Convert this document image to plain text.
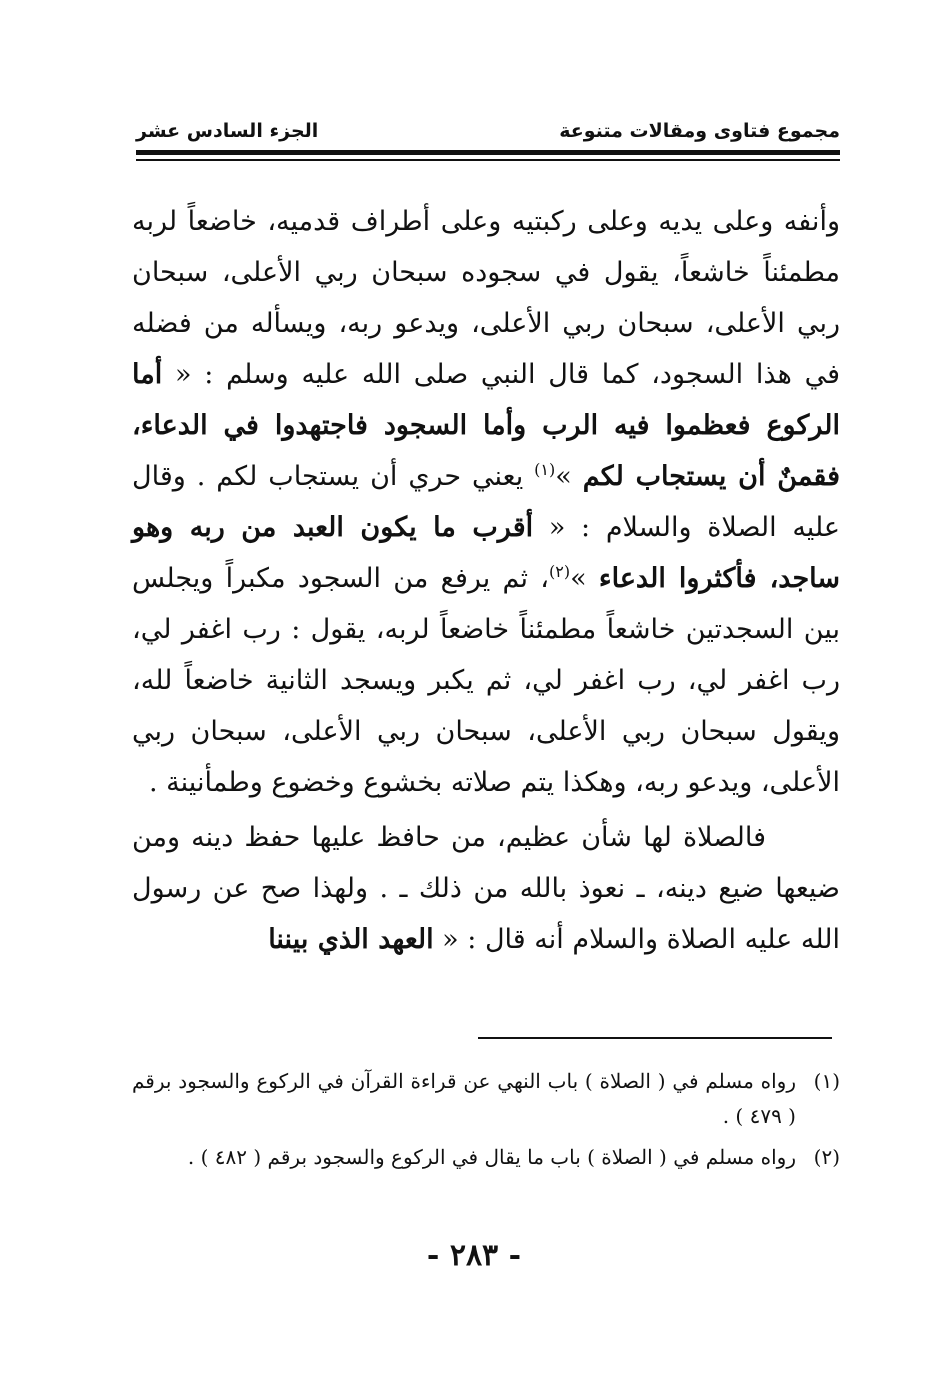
مجموع فتاوى ومقالات متنوعة
الجزء السادس عشر

وأنفه وعلى يديه وعلى ركبتيه وعلى أطراف قدميه، خاضعاً لربه مطمئناً خاشعاً، يقول في سجوده سبحان ربي الأعلى، سبحان ربي الأعلى، سبحان ربي الأعلى، ويدعو ربه، ويسأله من فضله في هذا السجود، كما قال النبي صلى الله عليه وسلم : « أما الركوع فعظموا فيه الرب وأما السجود فاجتهدوا في الدعاء، فقمنٌ أن يستجاب لكم »$^{(١)}$ يعني حري أن يستجاب لكم . وقال عليه الصلاة والسلام : « أقرب ما يكون العبد من ربه وهو ساجد، فأكثروا الدعاء »$^{(٢)}$، ثم يرفع من السجود مكبراً ويجلس بين السجدتين خاشعاً مطمئناً خاضعاً لربه، يقول : رب اغفر لي، رب اغفر لي، رب اغفر لي، ثم يكبر ويسجد الثانية خاضعاً لله، ويقول سبحان ربي الأعلى، سبحان ربي الأعلى، سبحان ربي الأعلى، ويدعو ربه، وهكذا يتم صلاته بخشوع وخضوع وطمأنينة .

فالصلاة لها شأن عظيم، من حافظ عليها حفظ دينه ومن ضيعها ضيع دينه، ـ نعوذ بالله من ذلك ـ . ولهذا صح عن رسول الله عليه الصلاة والسلام أنه قال : « العهد الذي بيننا

(١)
رواه مسلم في ( الصلاة ) باب النهي عن قراءة القرآن في الركوع والسجود برقم ( ٤٧٩ ) .
(٢)
رواه مسلم في ( الصلاة ) باب ما يقال في الركوع والسجود برقم ( ٤٨٢ ) .
- ٢٨٣ -
